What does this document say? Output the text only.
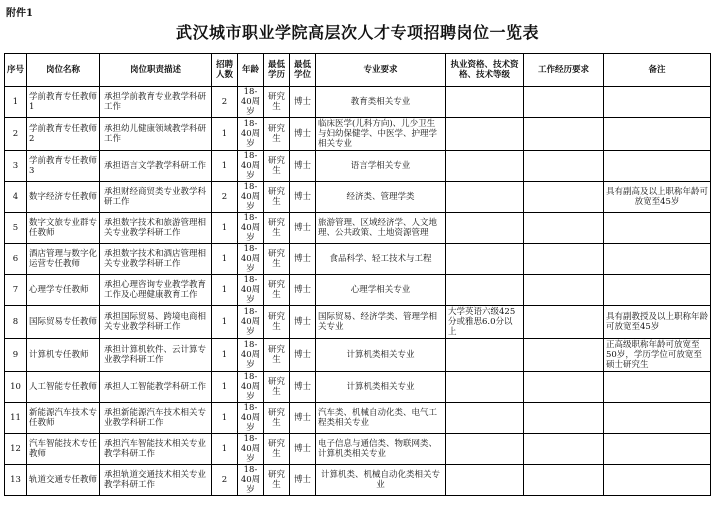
附件1
武汉城市职业学院高层次人才专项招聘岗位一览表
序号	岗位名称	岗位职责描述	招聘人数	年龄	最低学历	最低学位	专业要求	执业资格、技术资格、技术等级	工作经历要求	备注
1	学前教育专任教师1	承担学前教育专业教学科研工作	2	18-40周岁	研究生	博士	教育类相关专业			
2	学前教育专任教师2	承担幼儿健康领域教学科研工作	1	18-40周岁	研究生	博士	临床医学(儿科方向)、儿少卫生与妇幼保健学、中医学、护理学相关专业			
3	学前教育专任教师3	承担语言文学教学科研工作	1	18-40周岁	研究生	博士	语言学相关专业			
4	数字经济专任教师	承担财经商贸类专业教学科研工作	2	18-40周岁	研究生	博士	经济类、管理学类			具有副高及以上职称年龄可放宽至45岁
5	数字文旅专业群专任教师	承担数字技术和旅游管理相关专业教学科研工作	1	18-40周岁	研究生	博士	旅游管理、区域经济学、人文地理、公共政策、土地资源管理			
6	酒店管理与数字化运营专任教师	承担数字技术和酒店管理相关专业教学科研工作	1	18-40周岁	研究生	博士	食品科学、轻工技术与工程			
7	心理学专任教师	承担心理咨询专业教学教育工作及心理健康教育工作	1	18-40周岁	研究生	博士	心理学相关专业			
8	国际贸易专任教师	承担国际贸易、跨境电商相关专业教学科研工作	1	18-40周岁	研究生	博士	国际贸易、经济学类、管理学相关专业	大学英语六级425分或雅思6.0分以上		具有副教授及以上职称年龄可放宽至45岁
9	计算机专任教师	承担计算机软件、云计算专业教学科研工作	1	18-40周岁	研究生	博士	计算机类相关专业			正高级职称年龄可放宽至50岁，学历学位可放宽至硕士研究生
10	人工智能专任教师	承担人工智能教学科研工作	1	18-40周岁	研究生	博士	计算机类相关专业			
11	新能源汽车技术专任教师	承担新能源汽车技术相关专业教学科研工作	1	18-40周岁	研究生	博士	汽车类、机械自动化类、电气工程类相关专业			
12	汽车智能技术专任教师	承担汽车智能技术相关专业教学科研工作	1	18-40周岁	研究生	博士	电子信息与通信类、物联网类、计算机类相关专业			
13	轨道交通专任教师	承担轨道交通技术相关专业教学科研工作	2	18-40周岁	研究生	博士	计算机类、机械自动化类相关专业			
